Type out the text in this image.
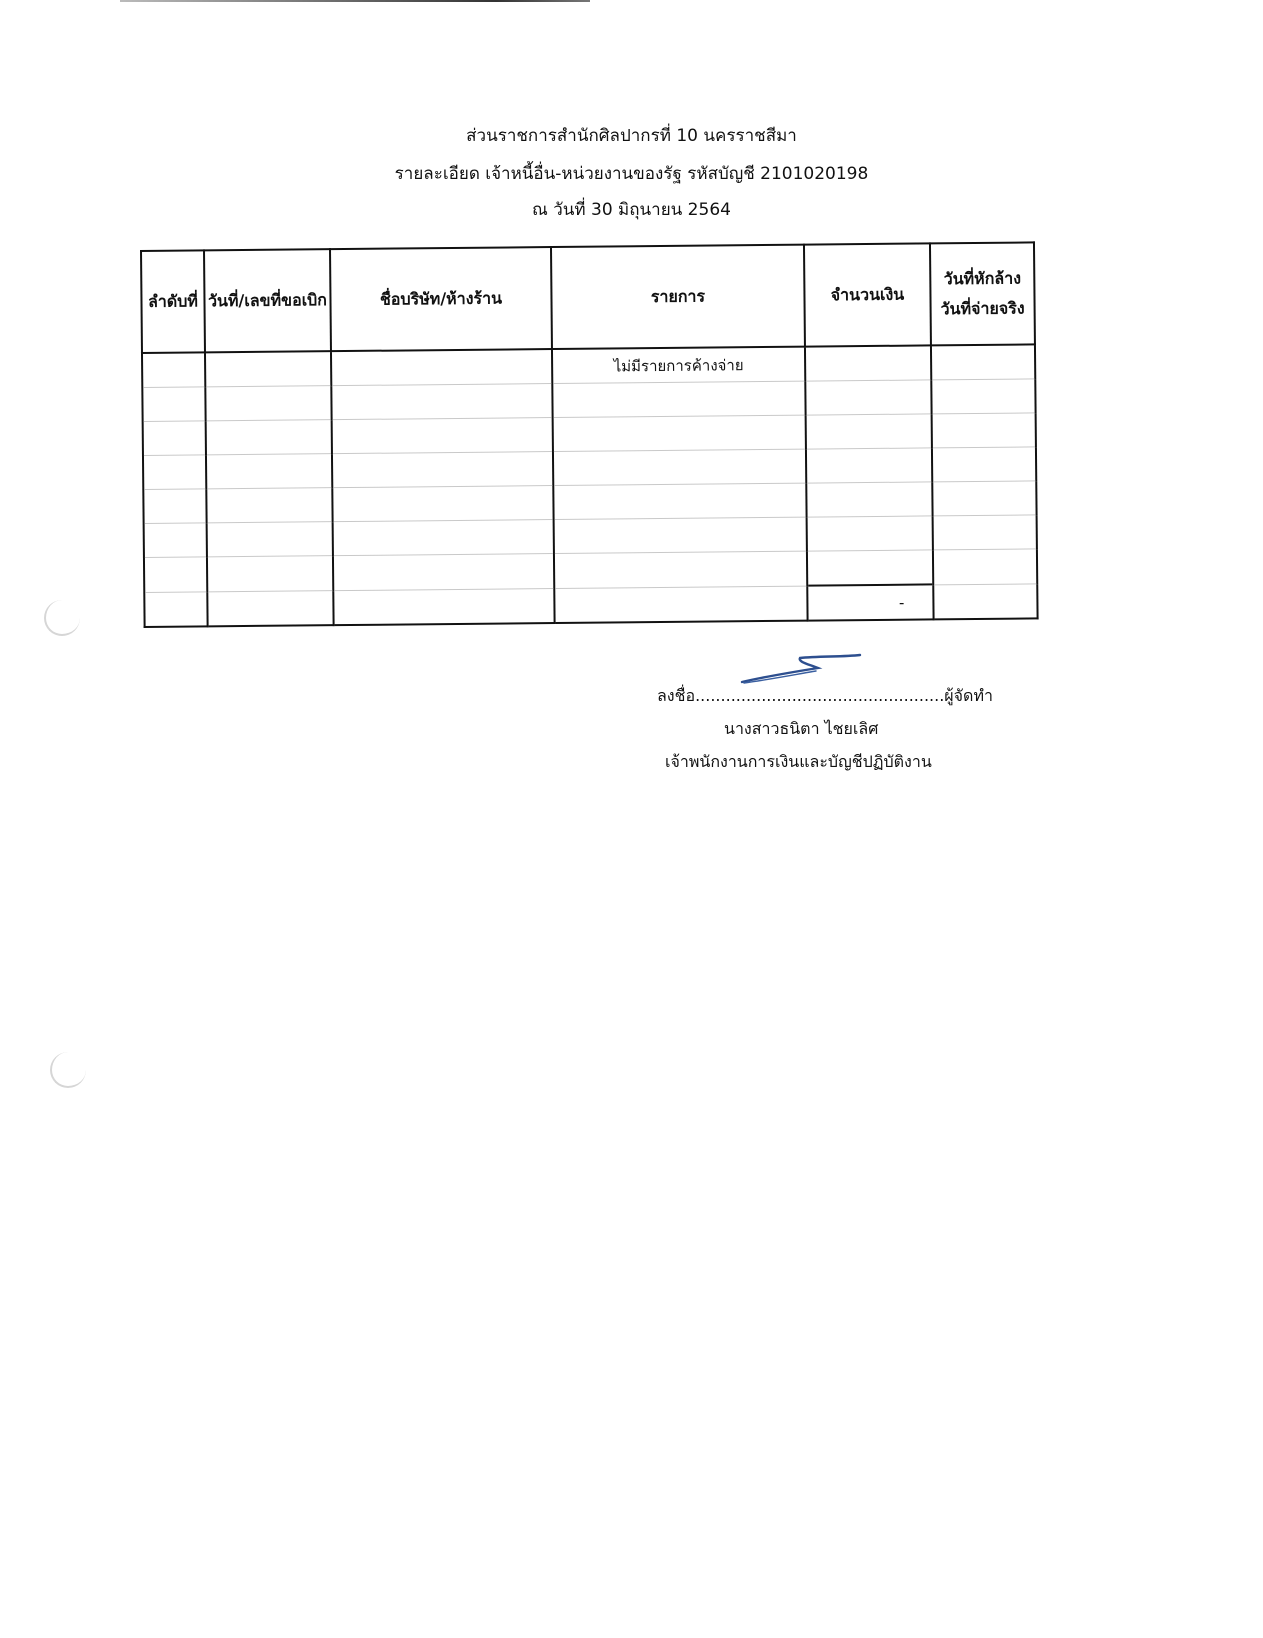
ส่วนราชการสำนักศิลปากรที่ 10 นครราชสีมา
รายละเอียด เจ้าหนี้อื่น-หน่วยงานของรัฐ รหัสบัญชี 2101020198
ณ วันที่ 30 มิถุนายน 2564
ลำดับที่	วันที่/เลขที่ขอเบิก	ชื่อบริษัท/ห้างร้าน	รายการ	จำนวนเงิน	วันที่หักล้าง วันที่จ่ายจริง
			ไม่มีรายการค้างจ่าย		

				-	
ลงชื่อ.................................................ผู้จัดทำ
นางสาวธนิตา ไชยเลิศ
เจ้าพนักงานการเงินและบัญชีปฏิบัติงาน
